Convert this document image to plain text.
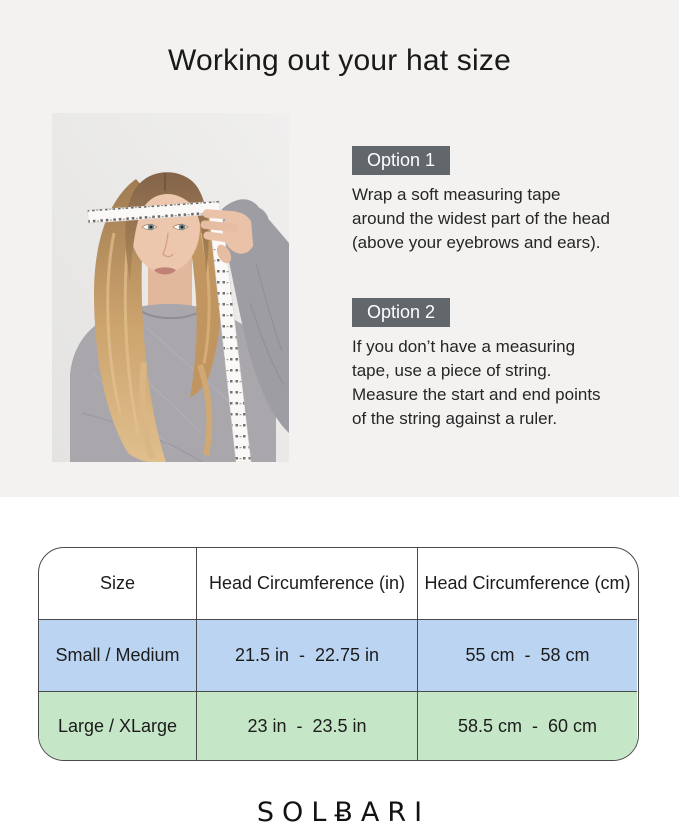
Working out your hat size
Option 1
Wrap a soft measuring tape
around the widest part of the head
(above your eyebrows and ears).
Option 2
If you don’t have a measuring
tape, use a piece of string.
Measure the start and end points
of the string against a ruler.
Size	Head Circumference (in)	Head Circumference (cm)
Small / Medium	21.5 in  -  22.75 in	55 cm  -  58 cm
Large / XLarge	23 in  -  23.5 in	58.5 cm  -  60 cm
SOLɃARI
